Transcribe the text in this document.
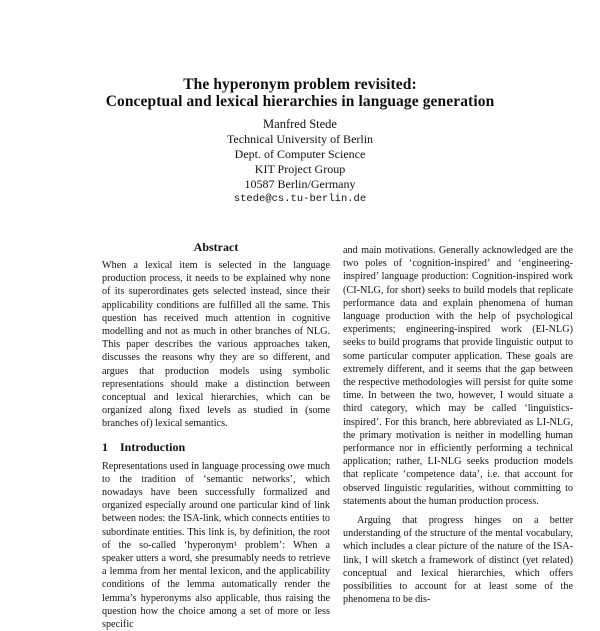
The hyperonym problem revisited:
Conceptual and lexical hierarchies in language generation
Manfred Stede
Technical University of Berlin
Dept. of Computer Science
KIT Project Group
10587 Berlin/Germany
stede@cs.tu-berlin.de
Abstract

When a lexical item is selected in the language production process, it needs to be explained why none of its superordinates gets selected instead, since their applicability conditions are fulfilled all the same. This question has received much attention in cognitive modelling and not as much in other branches of NLG. This paper describes the various approaches taken, discusses the reasons why they are so different, and argues that production models using symbolic representations should make a distinction between conceptual and lexical hierarchies, which can be organized along fixed levels as studied in (some branches of) lexical semantics.

1 Introduction

Representations used in language processing owe much to the tradition of ‘semantic networks’, which nowadays have been successfully formalized and organized especially around one particular kind of link between nodes: the ISA-link, which connects entities to subordinate entities. This link is, by definition, the root of the so-called ‘hyperonym¹ problem’: When a speaker utters a word, she presumably needs to retrieve a lemma from her mental lexicon, and the applicability conditions of the lemma automatically render the lemma’s hyperonyms also applicable, thus raising the question how the choice among a set of more or less specific

and main motivations. Generally acknowledged are the two poles of ‘cognition-inspired’ and ‘engineering-inspired’ language production: Cognition-inspired work (CI-NLG, for short) seeks to build models that replicate performance data and explain phenomena of human language production with the help of psychological experiments; engineering-inspired work (EI-NLG) seeks to build programs that provide linguistic output to some particular computer application. These goals are extremely different, and it seems that the gap between the respective methodologies will persist for quite some time. In between the two, however, I would situate a third category, which may be called ‘linguistics-inspired’. For this branch, here abbreviated as LI-NLG, the primary motivation is neither in modelling human performance nor in efficiently performing a technical application; rather, LI-NLG seeks production models that replicate ‘competence data’, i.e. that account for observed linguistic regularities, without committing to statements about the human production process.

Arguing that progress hinges on a better understanding of the structure of the mental vocabulary, which includes a clear picture of the nature of the ISA-link, I will sketch a framework of distinct (yet related) conceptual and lexical hierarchies, which offers possibilities to account for at least some of the phenomena to be dis-
